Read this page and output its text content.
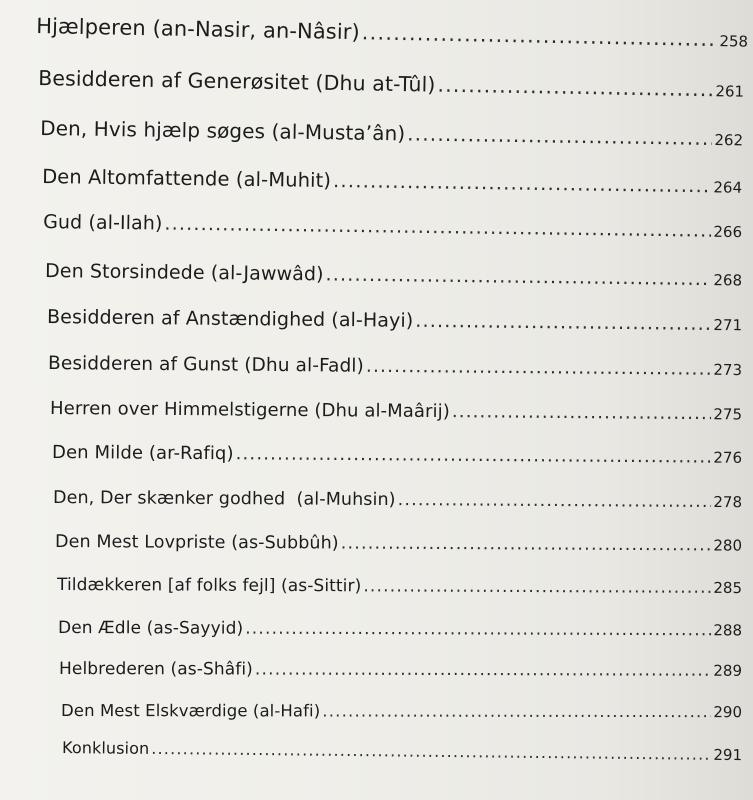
Hjælperen (an-Nasir, an-Nâsir) .....	258
Besidderen af Generøsitet (Dhu at-Tûl) .....	261
Den, Hvis hjælp søges (al-Musta’ân) .....	262
Den Altomfattende (al-Muhit) .....	264
Gud (al-Ilah) .....	266
Den Storsindede (al-Jawwâd) .....	268
Besidderen af Anstændighed (al-Hayi) .....	271
Besidderen af Gunst (Dhu al-Fadl) .....	273
Herren over Himmelstigerne (Dhu al-Maârij) .....	275
Den Milde (ar-Rafiq) .....	276
Den, Der skænker godhed  (al-Muhsin) .....	278
Den Mest Lovpriste (as-Subbûh) .....	280
Tildækkeren [af folks fejl] (as-Sittir) .....	285
Den Ædle (as-Sayyid) .....	288
Helbrederen (as-Shâfi) .....	289
Den Mest Elskværdige (al-Hafi) .....	290
Konklusion .....	291
